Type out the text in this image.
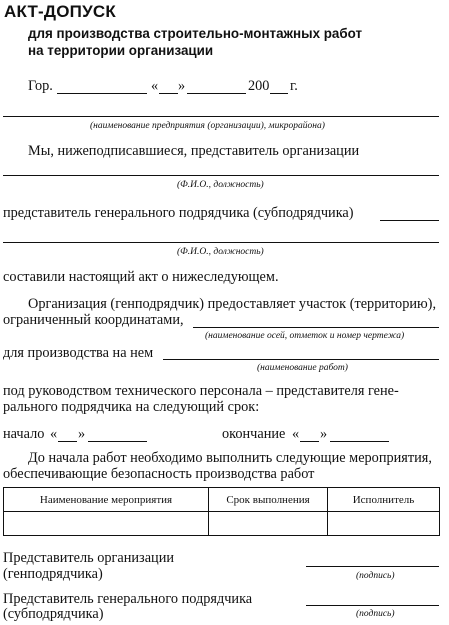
АКТ-ДОПУСК
для производства строительно-монтажных работ
на территории организации
Гор.	« »	200 г.
(наименование предприятия (организации), микрорайона)
Мы, нижеподписавшиеся, представитель организации
(Ф.И.О., должность)
представитель генерального подрядчика (субподрядчика)
(Ф.И.О., должность)
составили настоящий акт о нижеследующем.
Организация (генподрядчик) предоставляет участок (территорию),
ограниченный координатами,
(наименование осей, отметок и номер чертежа)
для производства на нем
(наименование работ)
под руководством технического персонала – представителя гене-
рального подрядчика на следующий срок:
начало « »	окончание « »
До начала работ необходимо выполнить следующие мероприятия,
обеспечивающие безопасность производства работ
Наименование мероприятия	Срок выполнения	Исполнитель

Представитель организации
(генподрядчика)	(подпись)
Представитель генерального подрядчика
(субподрядчика)	(подпись)
